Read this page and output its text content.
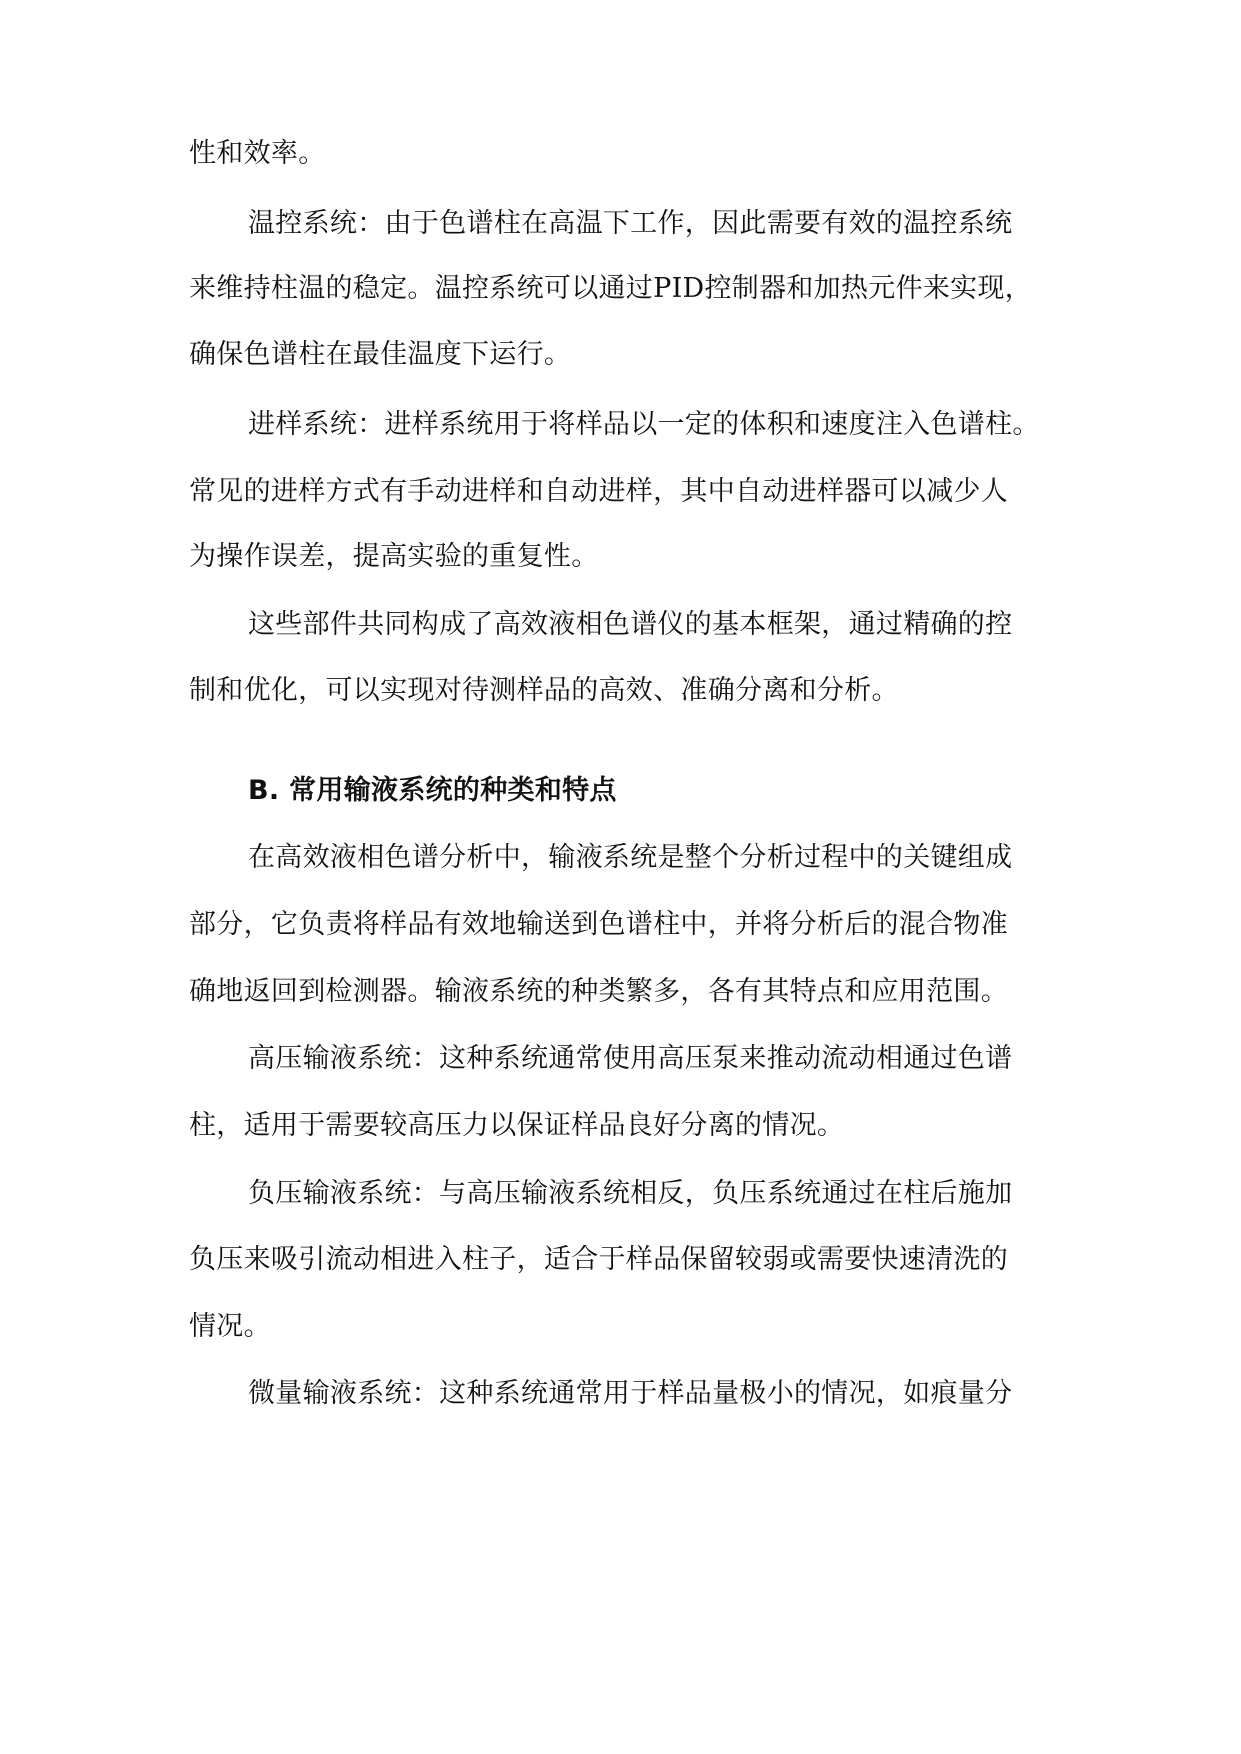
性和效率。
温控系统：由于色谱柱在高温下工作，因此需要有效的温控系统
来维持柱温的稳定。温控系统可以通过PID控制器和加热元件来实现，
确保色谱柱在最佳温度下运行。
进样系统：进样系统用于将样品以一定的体积和速度注入色谱柱。
常见的进样方式有手动进样和自动进样，其中自动进样器可以减少人
为操作误差，提高实验的重复性。
这些部件共同构成了高效液相色谱仪的基本框架，通过精确的控
制和优化，可以实现对待测样品的高效、准确分离和分析。
B. 常用输液系统的种类和特点
在高效液相色谱分析中，输液系统是整个分析过程中的关键组成
部分，它负责将样品有效地输送到色谱柱中，并将分析后的混合物准
确地返回到检测器。输液系统的种类繁多，各有其特点和应用范围。
高压输液系统：这种系统通常使用高压泵来推动流动相通过色谱
柱，适用于需要较高压力以保证样品良好分离的情况。
负压输液系统：与高压输液系统相反，负压系统通过在柱后施加
负压来吸引流动相进入柱子，适合于样品保留较弱或需要快速清洗的
情况。
微量输液系统：这种系统通常用于样品量极小的情况，如痕量分
